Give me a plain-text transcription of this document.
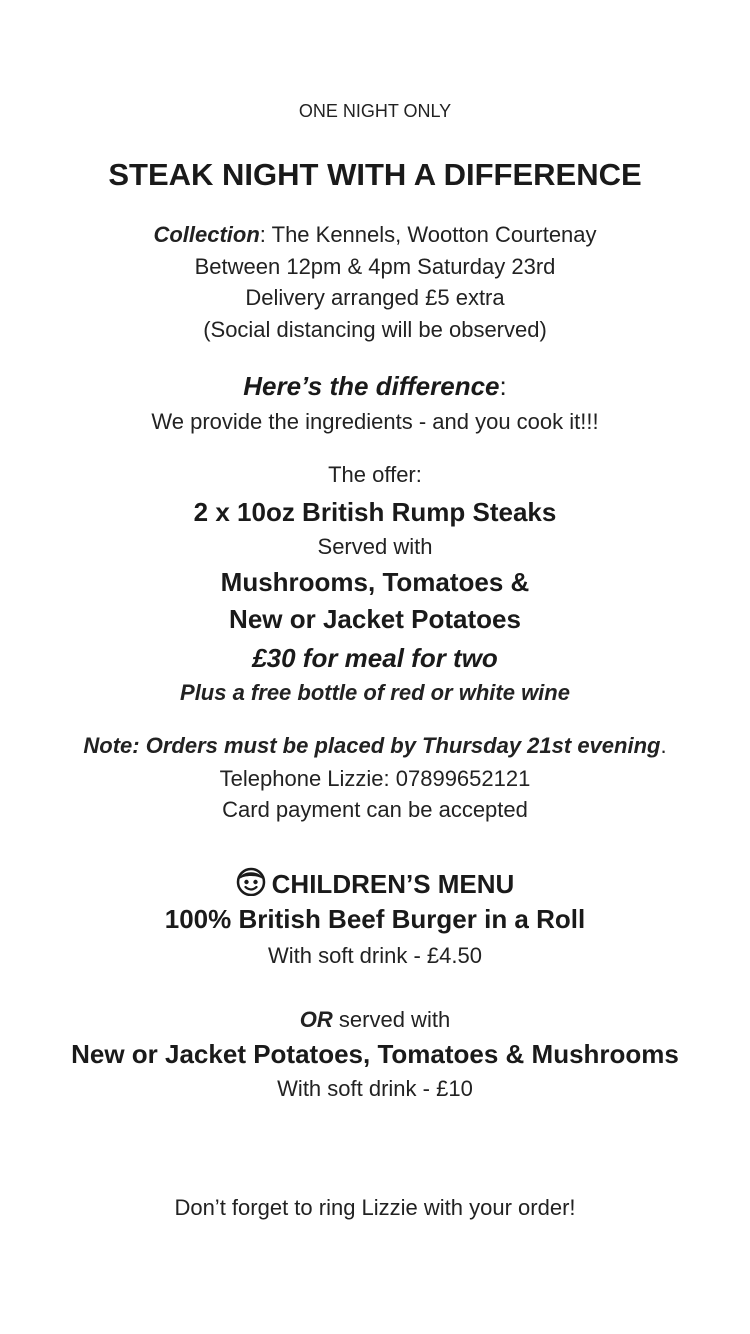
ONE NIGHT ONLY
STEAK NIGHT WITH A DIFFERENCE
Collection: The Kennels, Wootton Courtenay
Between 12pm & 4pm Saturday 23rd
Delivery arranged £5 extra
(Social distancing will be observed)
Here’s the difference:
We provide the ingredients - and you cook it!!!
The offer:
2 x 10oz British Rump Steaks
Served with
Mushrooms, Tomatoes &
New or Jacket Potatoes
£30 for meal for two
Plus a free bottle of red or white wine
Note: Orders must be placed by Thursday 21st evening.
Telephone Lizzie: 07899652121
Card payment can be accepted
CHILDREN’S MENU
100% British Beef Burger in a Roll
With soft drink - £4.50
OR served with
New or Jacket Potatoes, Tomatoes & Mushrooms
With soft drink - £10
Don’t forget to ring Lizzie with your order!
